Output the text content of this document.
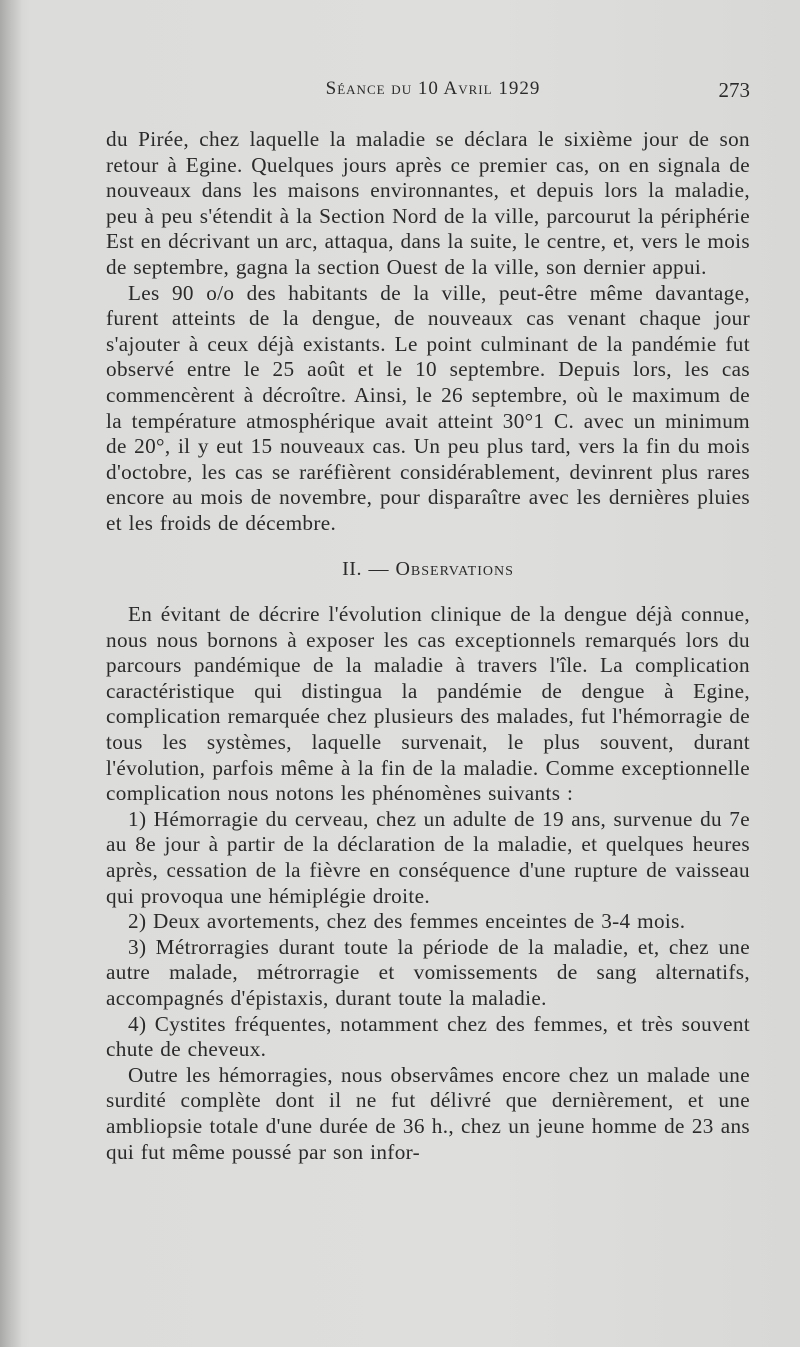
Séance du 10 Avril 1929	273

du Pirée, chez laquelle la maladie se déclara le sixième jour de son retour à Egine. Quelques jours après ce premier cas, on en signala de nouveaux dans les maisons environnantes, et depuis lors la maladie, peu à peu s'étendit à la Section Nord de la ville, parcourut la périphérie Est en décrivant un arc, attaqua, dans la suite, le centre, et, vers le mois de septembre, gagna la section Ouest de la ville, son dernier appui.

Les 90 o/o des habitants de la ville, peut-être même davantage, furent atteints de la dengue, de nouveaux cas venant chaque jour s'ajouter à ceux déjà existants. Le point culminant de la pandémie fut observé entre le 25 août et le 10 septembre. Depuis lors, les cas commencèrent à décroître. Ainsi, le 26 septembre, où le maximum de la température atmosphérique avait atteint 30°1 C. avec un minimum de 20°, il y eut 15 nouveaux cas. Un peu plus tard, vers la fin du mois d'octobre, les cas se raréfièrent considérablement, devinrent plus rares encore au mois de novembre, pour disparaître avec les dernières pluies et les froids de décembre.

II. — Observations

En évitant de décrire l'évolution clinique de la dengue déjà connue, nous nous bornons à exposer les cas exceptionnels remarqués lors du parcours pandémique de la maladie à travers l'île. La complication caractéristique qui distingua la pandémie de dengue à Egine, complication remarquée chez plusieurs des malades, fut l'hémorragie de tous les systèmes, laquelle survenait, le plus souvent, durant l'évolution, parfois même à la fin de la maladie. Comme exceptionnelle complication nous notons les phénomènes suivants :

1) Hémorragie du cerveau, chez un adulte de 19 ans, survenue du 7e au 8e jour à partir de la déclaration de la maladie, et quelques heures après, cessation de la fièvre en conséquence d'une rupture de vaisseau qui provoqua une hémiplégie droite.

2) Deux avortements, chez des femmes enceintes de 3-4 mois.

3) Métrorragies durant toute la période de la maladie, et, chez une autre malade, métrorragie et vomissements de sang alternatifs, accompagnés d'épistaxis, durant toute la maladie.

4) Cystites fréquentes, notamment chez des femmes, et très souvent chute de cheveux.

Outre les hémorragies, nous observâmes encore chez un malade une surdité complète dont il ne fut délivré que dernièrement, et une ambliopsie totale d'une durée de 36 h., chez un jeune homme de 23 ans qui fut même poussé par son infor-
